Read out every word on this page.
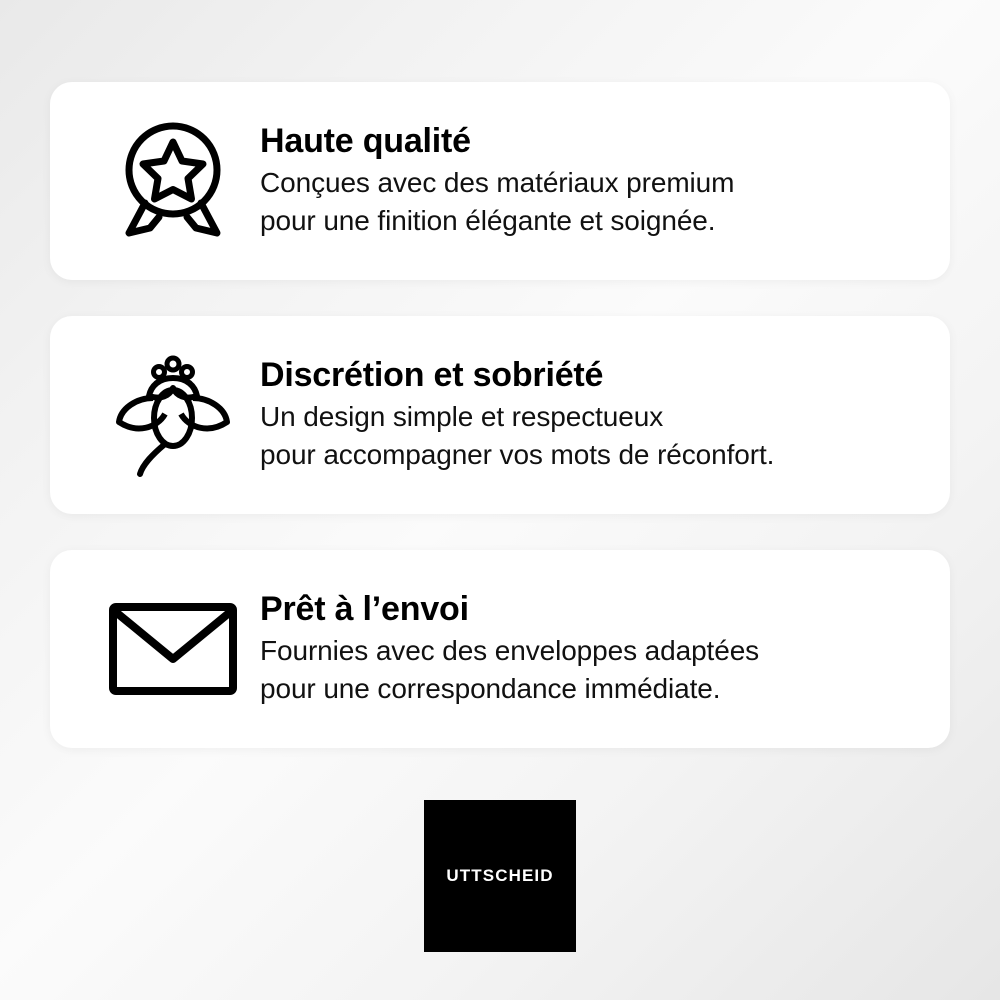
Haute qualité
Conçues avec des matériaux premium
pour une finition élégante et soignée.
Discrétion et sobriété
Un design simple et respectueux
pour accompagner vos mots de réconfort.
Prêt à l’envoi
Fournies avec des enveloppes adaptées
pour une correspondance immédiate.
UTTSCHEID
